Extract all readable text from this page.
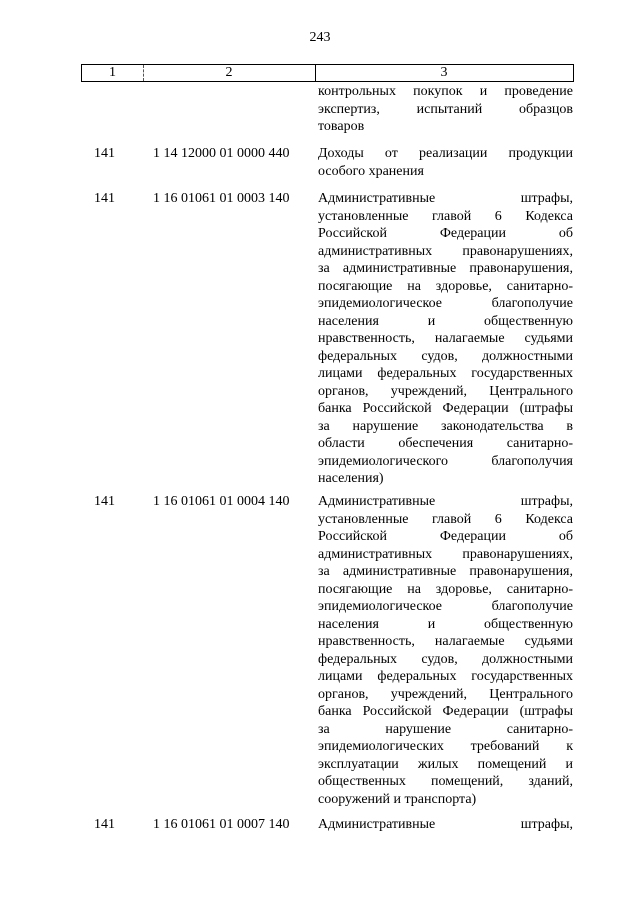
243
1	2	3
контрольных покупок и проведение
экспертиз, испытаний образцов
товаров
141	1 14 12000 01 0000 440	Доходы от реализации продукции
особого хранения
141	1 16 01061 01 0003 140	Административные штрафы,
установленные главой 6 Кодекса
Российской Федерации об
административных правонарушениях,
за административные правонарушения,
посягающие на здоровье, санитарно-
эпидемиологическое благополучие
населения и общественную
нравственность, налагаемые судьями
федеральных судов, должностными
лицами федеральных государственных
органов, учреждений, Центрального
банка Российской Федерации (штрафы
за нарушение законодательства в
области обеспечения санитарно-
эпидемиологического благополучия
населения)
141	1 16 01061 01 0004 140	Административные штрафы,
установленные главой 6 Кодекса
Российской Федерации об
административных правонарушениях,
за административные правонарушения,
посягающие на здоровье, санитарно-
эпидемиологическое благополучие
населения и общественную
нравственность, налагаемые судьями
федеральных судов, должностными
лицами федеральных государственных
органов, учреждений, Центрального
банка Российской Федерации (штрафы
за нарушение санитарно-
эпидемиологических требований к
эксплуатации жилых помещений и
общественных помещений, зданий,
сооружений и транспорта)
141	1 16 01061 01 0007 140	Административные штрафы,
